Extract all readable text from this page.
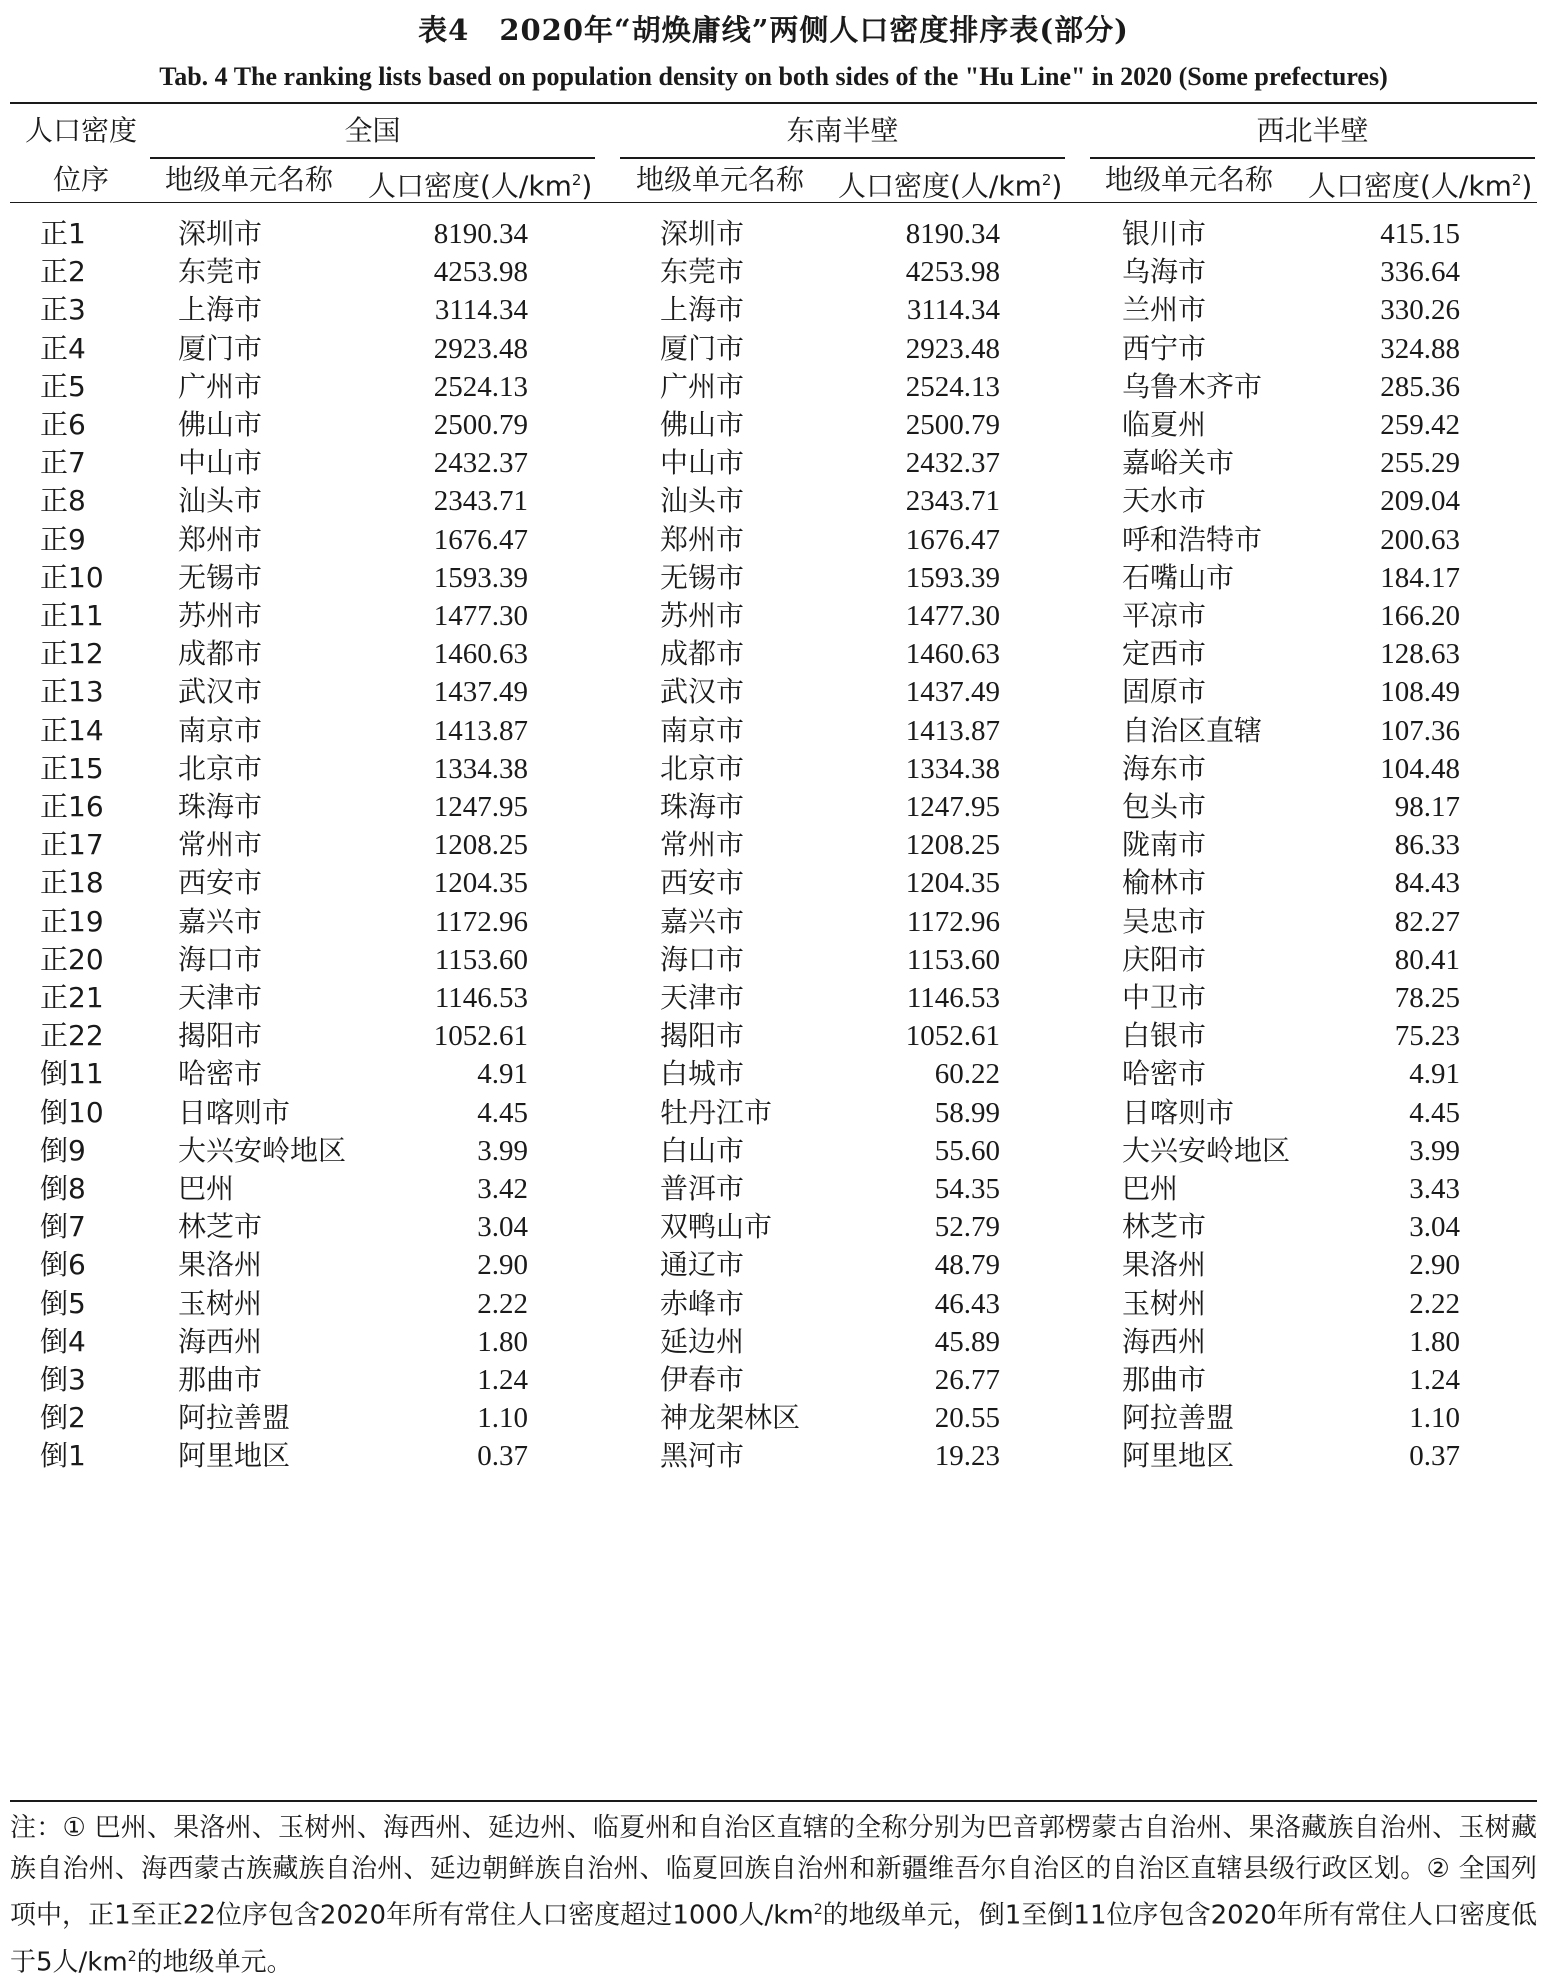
表4　2020年“胡焕庸线”两侧人口密度排序表(部分)
Tab. 4 The ranking lists based on population density on both sides of the "Hu Line" in 2020 (Some prefectures)
人口密度
位序
全国	东南半壁	西北半壁
地级单元名称 人口密度(人$/km^2$) 地级单元名称 人口密度(人$/km^2$) 地级单元名称 人口密度(人$/km^2$)
正1	深圳市	8190.34	深圳市	8190.34	银川市	415.15
正2	东莞市	4253.98	东莞市	4253.98	乌海市	336.64
正3	上海市	3114.34	上海市	3114.34	兰州市	330.26
正4	厦门市	2923.48	厦门市	2923.48	西宁市	324.88
正5	广州市	2524.13	广州市	2524.13	乌鲁木齐市	285.36
正6	佛山市	2500.79	佛山市	2500.79	临夏州	259.42
正7	中山市	2432.37	中山市	2432.37	嘉峪关市	255.29
正8	汕头市	2343.71	汕头市	2343.71	天水市	209.04
正9	郑州市	1676.47	郑州市	1676.47	呼和浩特市	200.63
正10	无锡市	1593.39	无锡市	1593.39	石嘴山市	184.17
正11	苏州市	1477.30	苏州市	1477.30	平凉市	166.20
正12	成都市	1460.63	成都市	1460.63	定西市	128.63
正13	武汉市	1437.49	武汉市	1437.49	固原市	108.49
正14	南京市	1413.87	南京市	1413.87	自治区直辖	107.36
正15	北京市	1334.38	北京市	1334.38	海东市	104.48
正16	珠海市	1247.95	珠海市	1247.95	包头市	98.17
正17	常州市	1208.25	常州市	1208.25	陇南市	86.33
正18	西安市	1204.35	西安市	1204.35	榆林市	84.43
正19	嘉兴市	1172.96	嘉兴市	1172.96	吴忠市	82.27
正20	海口市	1153.60	海口市	1153.60	庆阳市	80.41
正21	天津市	1146.53	天津市	1146.53	中卫市	78.25
正22	揭阳市	1052.61	揭阳市	1052.61	白银市	75.23
倒11	哈密市	4.91	白城市	60.22	哈密市	4.91
倒10	日喀则市	4.45	牡丹江市	58.99	日喀则市	4.45
倒9	大兴安岭地区	3.99	白山市	55.60	大兴安岭地区	3.99
倒8	巴州	3.42	普洱市	54.35	巴州	3.43
倒7	林芝市	3.04	双鸭山市	52.79	林芝市	3.04
倒6	果洛州	2.90	通辽市	48.79	果洛州	2.90
倒5	玉树州	2.22	赤峰市	46.43	玉树州	2.22
倒4	海西州	1.80	延边州	45.89	海西州	1.80
倒3	那曲市	1.24	伊春市	26.77	那曲市	1.24
倒2	阿拉善盟	1.10	神龙架林区	20.55	阿拉善盟	1.10
倒1	阿里地区	0.37	黑河市	19.23	阿里地区	0.37
注：① 巴州、果洛州、玉树州、海西州、延边州、临夏州和自治区直辖的全称分别为巴音郭楞蒙古自治州、果洛藏族自治州、玉树藏族自治州、海西蒙古族藏族自治州、延边朝鲜族自治州、临夏回族自治州和新疆维吾尔自治区的自治区直辖县级行政区划。② 全国列项中，正1至正22位序包含2020年所有常住人口密度超过1000人$/km^2$的地级单元，倒1至倒11位序包含2020年所有常住人口密度低于5人$/km^2$的地级单元。
